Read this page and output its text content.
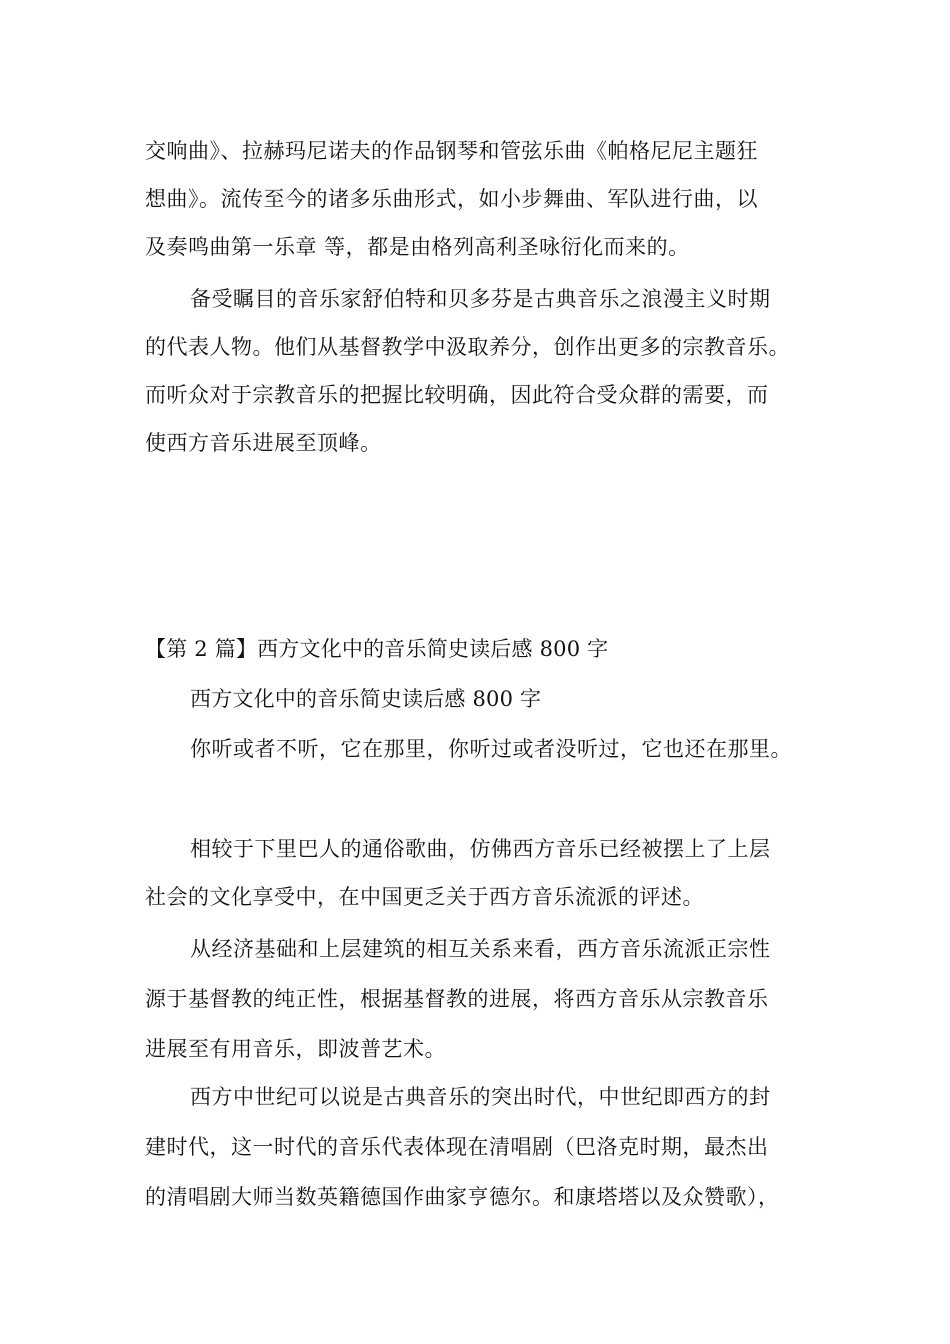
交响曲》、拉赫玛尼诺夫的作品钢琴和管弦乐曲《帕格尼尼主题狂
想曲》。流传至今的诸多乐曲形式，如小步舞曲、军队进行曲，以
及奏鸣曲第一乐章 等，都是由格列高利圣咏衍化而来的。
备受瞩目的音乐家舒伯特和贝多芬是古典音乐之浪漫主义时期
的代表人物。他们从基督教学中汲取养分，创作出更多的宗教音乐。
而听众对于宗教音乐的把握比较明确，因此符合受众群的需要，而
使西方音乐进展至顶峰。
【第 2 篇】西方文化中的音乐简史读后感 800 字
西方文化中的音乐简史读后感 800 字
你听或者不听，它在那里，你听过或者没听过，它也还在那里。
相较于下里巴人的通俗歌曲，仿佛西方音乐已经被摆上了上层
社会的文化享受中，在中国更乏关于西方音乐流派的评述。
从经济基础和上层建筑的相互关系来看，西方音乐流派正宗性
源于基督教的纯正性，根据基督教的进展，将西方音乐从宗教音乐
进展至有用音乐，即波普艺术。
西方中世纪可以说是古典音乐的突出时代，中世纪即西方的封
建时代，这一时代的音乐代表体现在清唱剧（巴洛克时期，最杰出
的清唱剧大师当数英籍德国作曲家亨德尔。和康塔塔以及众赞歌），
